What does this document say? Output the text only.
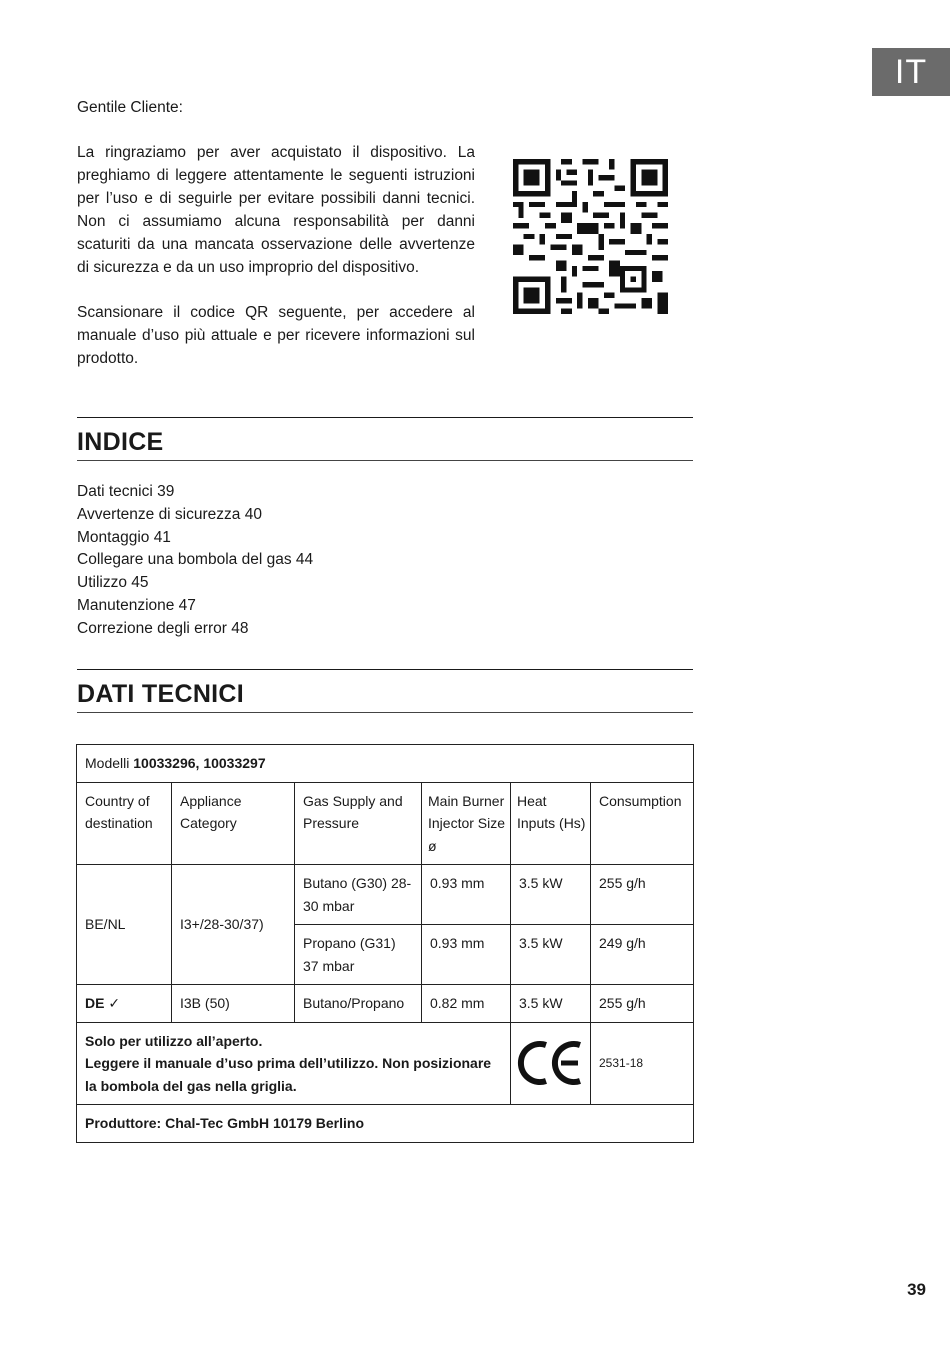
IT

Gentile Cliente:

La ringraziamo per aver acquistato il dispositivo. La preghiamo di leggere attentamente le seguenti istruzioni per l’uso e di seguirle per evitare possibili danni tecnici. Non ci assumiamo alcuna responsabilità per danni scaturiti da una mancata osservazione delle avvertenze di sicurezza e da un uso improprio del dispositivo.

Scansionare il codice QR seguente, per accedere al manuale d’uso più attuale e per ricevere informazioni sul prodotto.

INDICE
Dati tecnici 39
Avvertenze di sicurezza 40
Montaggio 41
Collegare una bombola del gas 44
Utilizzo 45
Manutenzione 47
Correzione degli error 48
DATI TECNICI
Modelli 10033296, 10033297					
Country of destination	Appliance Category	Gas Supply and Pressure	Main Burner Injector Size ø	Heat Inputs (Hs)	Consumption
BE/NL	I3+/28-30/37)	Butano (G30) 28-30 mbar	0.93 mm	3.5 kW	255 g/h
		Propano (G31) 37 mbar	0.93 mm	3.5 kW	249 g/h
DE ✓	I3B (50)	Butano/Propano	0.82 mm	3.5 kW	255 g/h

Solo per utilizzo all’aperto.
Leggere il manuale d’uso prima dell’utilizzo. Non posizionare la bombola del gas nella griglia.					2531-18
Produttore: Chal-Tec GmbH 10179 Berlino					
39
